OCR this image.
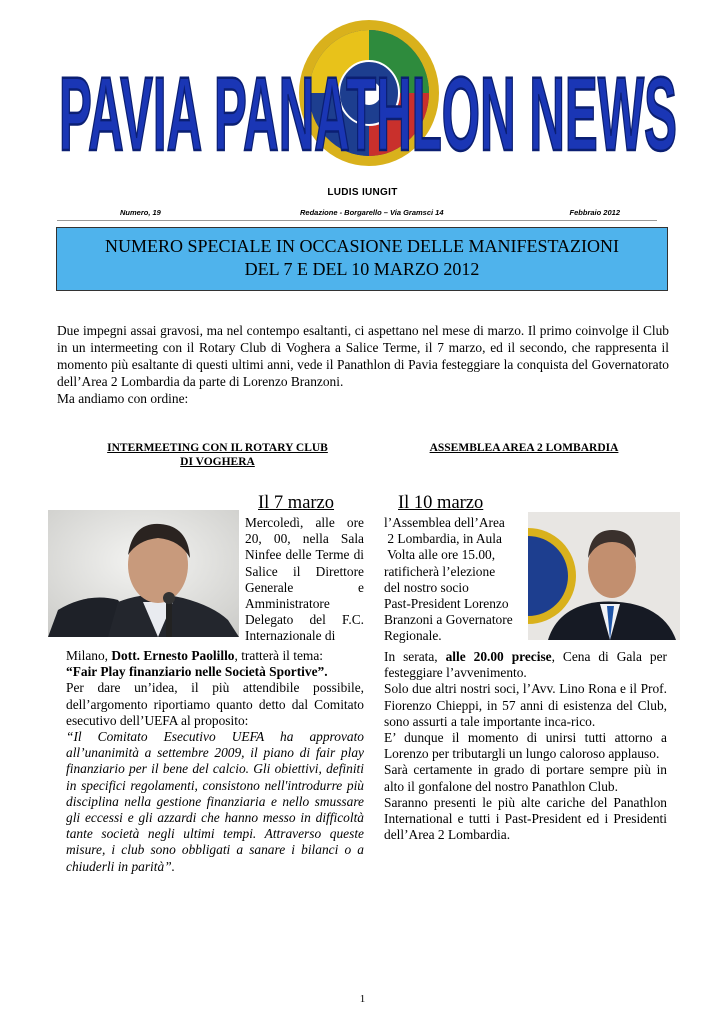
PAVIA PANATHLON NEWS
LUDIS IUNGIT
Numero, 19	Redazione - Borgarello – Via Gramsci 14	Febbraio 2012
NUMERO SPECIALE IN OCCASIONE DELLE MANIFESTAZIONI
DEL 7 E DEL 10 MARZO 2012

Due impegni assai gravosi, ma nel contempo esaltanti, ci aspettano nel mese di marzo. Il primo coinvolge il Club in un intermeeting con il Rotary Club di Voghera a Salice Terme, il 7 marzo, ed il secondo, che rappresenta il momento più esaltante di questi ultimi anni, vede il Panathlon di Pavia festeggiare la conquista del Governatorato dell’Area 2 Lombardia da parte di Lorenzo Branzoni.

Ma andiamo con ordine:

INTERMEETING CON IL ROTARY CLUB
DI VOGHERA
Il 7 marzo

Mercoledì, alle ore 20, 00, nella Sala Ninfee delle Terme di Salice il Direttore Generale e Amministratore Delegato del F.C. Internazionale di

Milano, Dott. Ernesto Paolillo, tratterà il tema:

“Fair Play finanziario nelle Società Sportive”.

Per dare un’idea, il più attendibile possibile, dell’argomento riportiamo quanto detto dal Comitato esecutivo dell’UEFA al proposito:

“Il Comitato Esecutivo UEFA ha approvato all’unanimità a settembre 2009, il piano di fair play finanziario per il bene del calcio. Gli obiettivi, definiti in specifici regolamenti, consistono nell'introdurre più disciplina nella gestione finanziaria e nello smussare gli eccessi e gli azzardi che hanno messo in difficoltà tante società negli ultimi tempi. Attraverso queste misure, i club sono obbligati a sanare i bilanci o a chiuderli in parità”.

ASSEMBLEA AREA 2 LOMBARDIA
Il 10 marzo

l’Assemblea dell’Area

2 Lombardia, in Aula

Volta alle ore 15.00,

ratificherà l’elezione

del nostro socio

Past-President Lorenzo

Branzoni a Governatore

Regionale.

In serata, alle 20.00 precise, Cena di Gala per festeggiare l’avvenimento.

Solo due altri nostri soci, l’Avv. Lino Rona e il Prof. Fiorenzo Chieppi, in 57 anni di esistenza del Club, sono assurti a tale importante inca-rico.

E’ dunque il momento di unirsi tutti attorno a Lorenzo per tributargli un lungo caloroso applauso.

Sarà certamente in grado di portare sempre più in alto il gonfalone del nostro Panathlon Club.

Saranno presenti le più alte cariche del Panathlon International e tutti i Past-President ed i Presidenti dell’Area 2 Lombardia.

1
